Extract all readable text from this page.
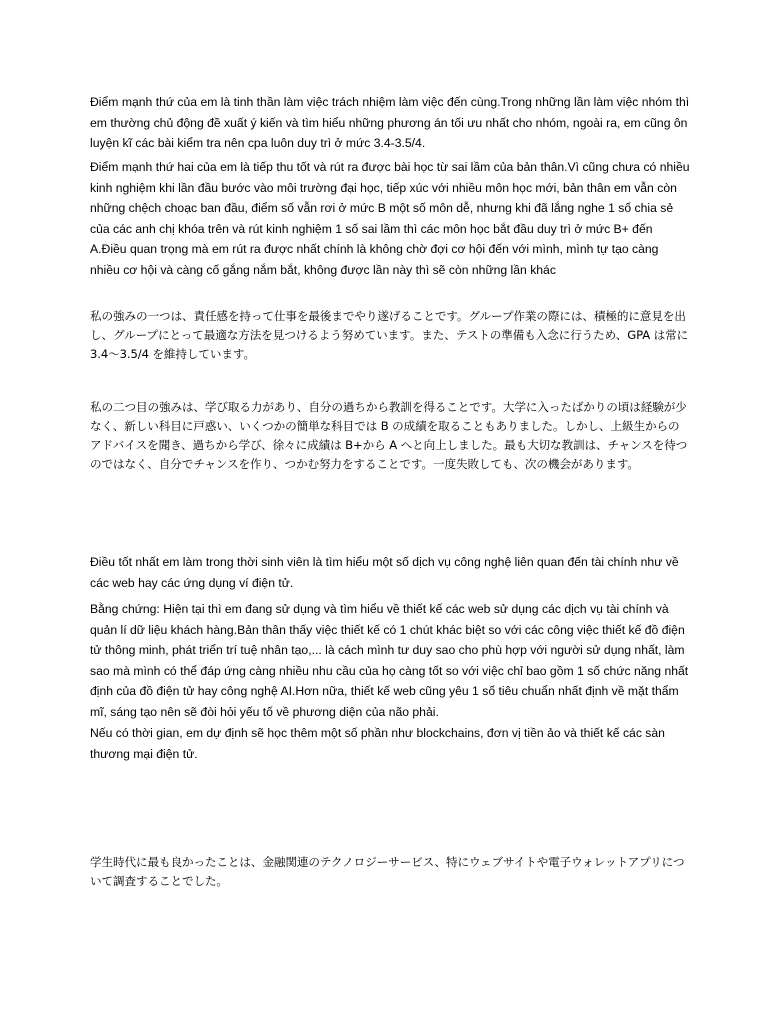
Điểm mạnh thứ của em là tinh thần làm việc trách nhiệm làm việc đến cùng.Trong những lần làm việc nhóm thì em thường chủ động đề xuất ý kiến và tìm hiểu những phương án tối ưu nhất cho nhóm, ngoài ra, em cũng ôn luyện kĩ các bài kiểm tra nên cpa luôn duy trì ở mức 3.4-3.5/4.

Điểm mạnh thứ hai của em là tiếp thu tốt và rút ra được bài học từ sai lầm của bản thân.Vì cũng chưa có nhiều kinh nghiệm khi lần đầu bước vào môi trường đại học, tiếp xúc với nhiều môn học mới, bản thân em vẫn còn những chệch choạc ban đầu, điểm số vẫn rơi ở mức B một số môn dễ, nhưng khi đã lắng nghe 1 số chia sẻ của các anh chị khóa trên và rút kinh nghiệm 1 số sai lầm thì các môn học bắt đầu duy trì ở mức B+ đến A.Điều quan trọng mà em rút ra được nhất chính là không chờ đợi cơ hội đến với mình, mình tự tạo càng nhiều cơ hội và càng cố gắng nắm bắt, không được lần này thì sẽ còn những lần khác

私の強みの一つは、責任感を持って仕事を最後までやり遂げることです。グループ作業の際には、積極的に意見を出し、グループにとって最適な方法を見つけるよう努めています。また、テストの準備も入念に行うため、GPA は常に 3.4〜3.5/4 を維持しています。

私の二つ目の強みは、学び取る力があり、自分の過ちから教訓を得ることです。大学に入ったばかりの頃は経験が少なく、新しい科目に戸惑い、いくつかの簡単な科目では B の成績を取ることもありました。しかし、上級生からのアドバイスを聞き、過ちから学び、徐々に成績は B+から A へと向上しました。最も大切な教訓は、チャンスを待つのではなく、自分でチャンスを作り、つかむ努力をすることです。一度失敗しても、次の機会があります。

Điều tốt nhất em làm trong thời sinh viên là tìm hiểu một số dịch vụ công nghệ liên quan đến tài chính như về các web hay các ứng dụng ví điện tử.

Bằng chứng: Hiện tại thì em đang sử dụng và tìm hiểu về thiết kế các web sử dụng các dịch vụ tài chính và quản lí dữ liệu khách hàng.Bản thân thấy việc thiết kế có 1 chút khác biệt so với các công việc thiết kế đồ điện tử thông minh, phát triển trí tuệ nhân tạo,... là cách mình tư duy sao cho phù hợp với người sử dụng nhất, làm sao mà mình có thể đáp ứng càng nhiều nhu cầu của họ càng tốt so với việc chỉ bao gồm 1 số chức năng nhất định của đồ điện tử hay công nghệ AI.Hơn nữa, thiết kế web cũng yêu 1 số tiêu chuẩn nhất định về mặt thẩm mĩ, sáng tạo nên sẽ đòi hỏi yếu tố về phương diện của não phải.

Nếu có thời gian, em dự định sẽ học thêm một số phần như blockchains, đơn vị tiền ảo và thiết kế các sàn thương mại điện tử.

学生時代に最も良かったことは、金融関連のテクノロジーサービス、特にウェブサイトや電子ウォレットアプリについて調査することでした。
